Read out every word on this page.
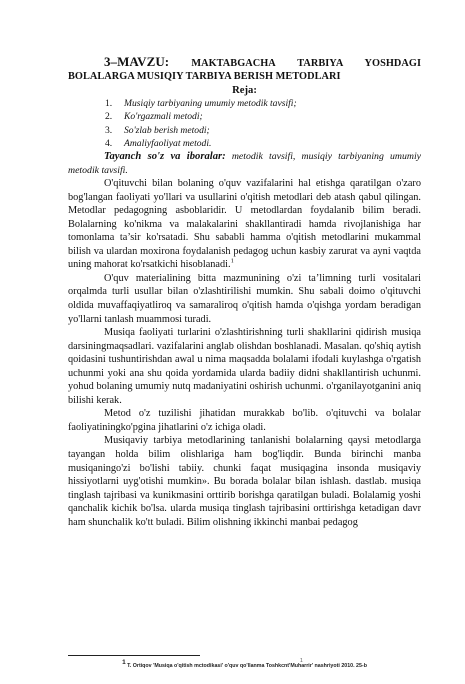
3–MAVZU: MAKTABGACHA TARBIYA YOSHDAGI
BOLALARGA MUSIQIY TARBIYA BERISH METODLARI
Reja:
1. Musiqiy tarbiyaning umumiy metodik tavsifi;
2. Ko'rgazmali metodi;
3. So'zlab berish metodi;
4. Amaliyfaoliyat metodi.

Tayanch so'z va iboralar: metodik tavsifi, musiqiy tarbiyaning umumiy metodik tavsifi.

O'qituvchi bilan bolaning o'quv vazifalarini hal etishga qaratilgan o'zaro bog'langan faoliyati yo'llari va usullarini o'qitish metodlari deb atash qabul qilingan. Metodlar pedagogning asboblaridir. U metodlardan foydalanib bilim beradi. Bolalarning ko'nikma va malakalarini shakllantiradi hamda rivojlanishiga har tomonlama ta’sir ko'rsatadi. Shu sababli hamma o'qitish metodlarini mukammal bilish va ulardan moxirona foydalanish pedagog uchun kasbiy zarurat va ayni vaqtda uning mahorat ko'rsatkichi hisoblanadi.$^1$

O'quv materialining bitta mazmunining o'zi ta’limning turli vositalari orqalmda turli usullar bilan o'zlashtirilishi mumkin. Shu sabali doimo o'qituvchi oldida muvaffaqiyatliroq va samaraliroq o'qitish hamda o'qishga yordam beradigan yo'llarni tanlash muammosi turadi.

Musiqa faoliyati turlarini o'zlashtirishning turli shakllarini qidirish musiqa darsiningmaqsadlari. vazifalarini anglab olishdan boshlanadi. Masalan. qo'shiq aytish qoidasini tushuntirishdan awal u nima maqsadda bolalami ifodali kuylashga o'rgatish uchunmi yoki ana shu qoida yordamida ularda badiiy didni shakllantirish uchunmi. yohud bolaning umumiy nutq madaniyatini oshirish uchunmi. o'rganilayotganini aniq bilishi kerak.

Metod o'z tuzilishi jihatidan murakkab bo'lib. o'qituvchi va bolalar faoliyatiningko'pgina jihatlarini o'z ichiga oladi.

Musiqaviy tarbiya metodlarining tanlanishi bolalarning qaysi metodlarga tayangan holda bilim olishlariga ham bog'liqdir. Bunda birinchi manba musiqaningo'zi bo'lishi tabiiy. chunki faqat musiqagina insonda musiqaviy hissiyotlarni uyg'otishi mumkin». Bu borada bolalar bilan ishlash. dastlab. musiqa tinglash tajribasi va kunikmasini orttirib borishga qaratilgan buladi. Bolalamig yoshi qanchalik kichik bo'lsa. ularda musiqa tinglash tajribasini orttirishga ketadigan davr ham shunchalik ko'tt buladi. Bilim olishning ikkinchi manbai pedagog

1
$^1$ T. Ortiqov 'Musiqa o'qitish mctodikasi' o'quv qo'llanma Toshkcnt'Muharrir' nashriyoti 2010. 25-b
